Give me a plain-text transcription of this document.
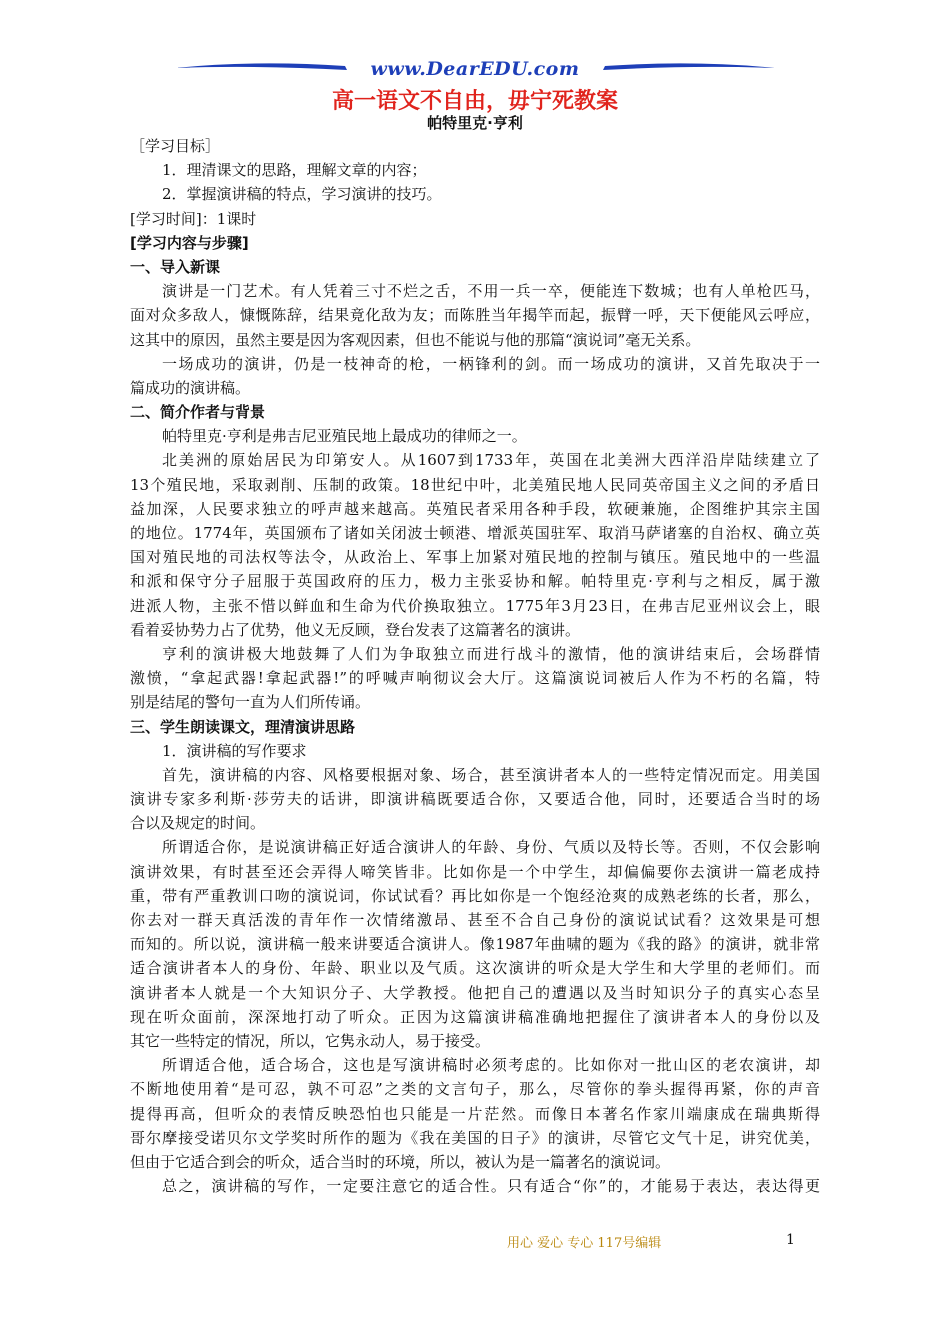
www.DearEDU.com
高一语文不自由，毋宁死教案
帕特里克·亨利
［学习目标］
1．理清课文的思路，理解文章的内容；
2．掌握演讲稿的特点，学习演讲的技巧。
[学习时间]：1课时
[学习内容与步骤]
一、导入新课
演讲是一门艺术。有人凭着三寸不烂之舌，不用一兵一卒，便能连下数城；也有人单枪匹马，
面对众多敌人，慷慨陈辞，结果竟化敌为友；而陈胜当年揭竿而起，振臂一呼，天下便能风云呼应，
这其中的原因，虽然主要是因为客观因素，但也不能说与他的那篇“演说词”毫无关系。
一场成功的演讲，仍是一枝神奇的枪，一柄锋利的剑。而一场成功的演讲，又首先取决于一
篇成功的演讲稿。
二、简介作者与背景
帕特里克·亨利是弗吉尼亚殖民地上最成功的律师之一。
北美洲的原始居民为印第安人。从1607到1733年，英国在北美洲大西洋沿岸陆续建立了
13个殖民地，采取剥削、压制的政策。18世纪中叶，北美殖民地人民同英帝国主义之间的矛盾日
益加深，人民要求独立的呼声越来越高。英殖民者采用各种手段，软硬兼施，企图维护其宗主国
的地位。1774年，英国颁布了诸如关闭波士顿港、增派英国驻军、取消马萨诸塞的自治权、确立英
国对殖民地的司法权等法令，从政治上、军事上加紧对殖民地的控制与镇压。殖民地中的一些温
和派和保守分子屈服于英国政府的压力，极力主张妥协和解。帕特里克·亨利与之相反，属于激
进派人物，主张不惜以鲜血和生命为代价换取独立。1775年3月23日，在弗吉尼亚州议会上，眼
看着妥协势力占了优势，他义无反顾，登台发表了这篇著名的演讲。
亨利的演讲极大地鼓舞了人们为争取独立而进行战斗的激情，他的演讲结束后，会场群情
激愤，“拿起武器!拿起武器!”的呼喊声响彻议会大厅。这篇演说词被后人作为不朽的名篇，特
别是结尾的警句一直为人们所传诵。
三、学生朗读课文，理清演讲思路
1．演讲稿的写作要求
首先，演讲稿的内容、风格要根据对象、场合，甚至演讲者本人的一些特定情况而定。用美国
演讲专家多利斯·莎劳夫的话讲，即演讲稿既要适合你，又要适合他，同时，还要适合当时的场
合以及规定的时间。
所谓适合你，是说演讲稿正好适合演讲人的年龄、身份、气质以及特长等。否则，不仅会影响
演讲效果，有时甚至还会弄得人啼笑皆非。比如你是一个中学生，却偏偏要你去演讲一篇老成持
重，带有严重教训口吻的演说词，你试试看？再比如你是一个饱经沧爽的成熟老练的长者，那么，
你去对一群天真活泼的青年作一次情绪激昂、甚至不合自己身份的演说试试看？这效果是可想
而知的。所以说，演讲稿一般来讲要适合演讲人。像1987年曲啸的题为《我的路》的演讲，就非常
适合演讲者本人的身份、年龄、职业以及气质。这次演讲的听众是大学生和大学里的老师们。而
演讲者本人就是一个大知识分子、大学教授。他把自己的遭遇以及当时知识分子的真实心态呈
现在听众面前，深深地打动了听众。正因为这篇演讲稿准确地把握住了演讲者本人的身份以及
其它一些特定的情况，所以，它隽永动人，易于接受。
所谓适合他，适合场合，这也是写演讲稿时必须考虑的。比如你对一批山区的老农演讲，却
不断地使用着“是可忍，孰不可忍”之类的文言句子，那么，尽管你的拳头握得再紧，你的声音
提得再高，但听众的表情反映恐怕也只能是一片茫然。而像日本著名作家川端康成在瑞典斯得
哥尔摩接受诺贝尔文学奖时所作的题为《我在美国的日子》的演讲，尽管它文气十足，讲究优美，
但由于它适合到会的听众，适合当时的环境，所以，被认为是一篇著名的演说词。
总之，演讲稿的写作，一定要注意它的适合性。只有适合“你”的，才能易于表达，表达得更
用心 爱心 专心 117号编辑	1
